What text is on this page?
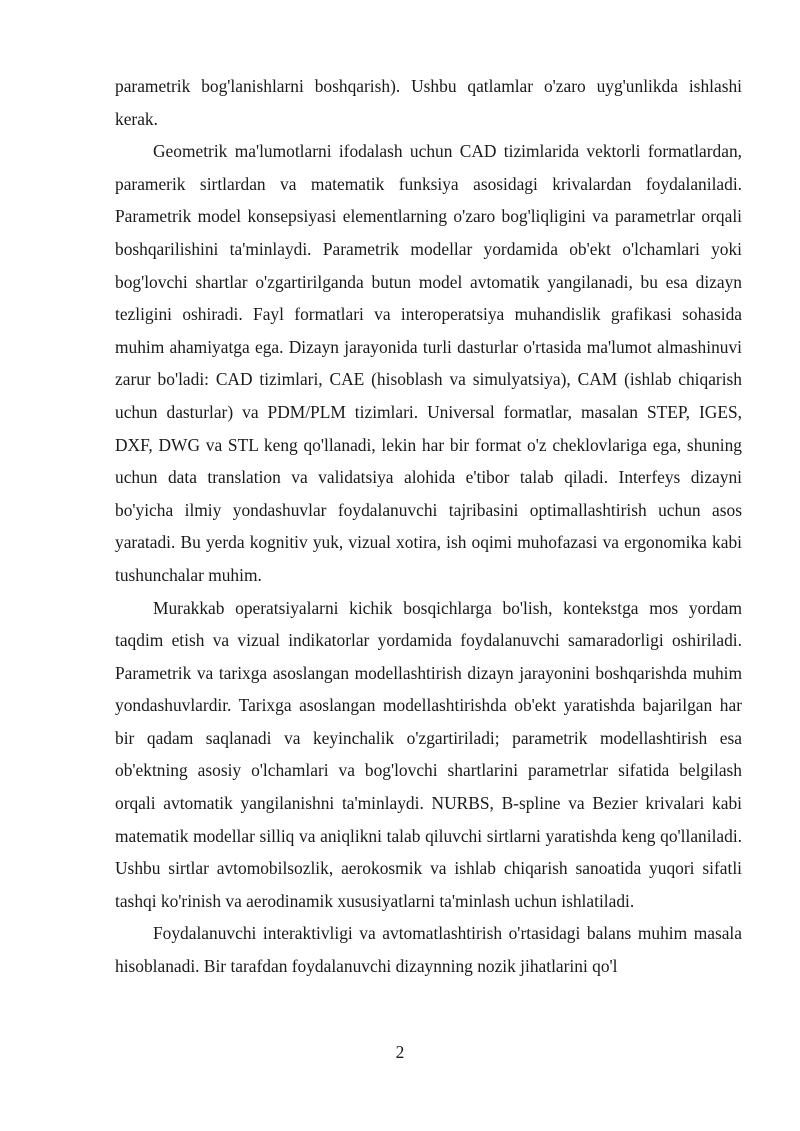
parametrik bog'lanishlarni boshqarish). Ushbu qatlamlar o'zaro uyg'unlikda ishlashi kerak.

Geometrik ma'lumotlarni ifodalash uchun CAD tizimlarida vektorli formatlardan, paramerik sirtlardan va matematik funksiya asosidagi krivalardan foydalaniladi. Parametrik model konsepsiyasi elementlarning o'zaro bog'liqligini va parametrlar orqali boshqarilishini ta'minlaydi. Parametrik modellar yordamida ob'ekt o'lchamlari yoki bog'lovchi shartlar o'zgartirilganda butun model avtomatik yangilanadi, bu esa dizayn tezligini oshiradi. Fayl formatlari va interoperatsiya muhandislik grafikasi sohasida muhim ahamiyatga ega. Dizayn jarayonida turli dasturlar o'rtasida ma'lumot almashinuvi zarur bo'ladi: CAD tizimlari, CAE (hisoblash va simulyatsiya), CAM (ishlab chiqarish uchun dasturlar) va PDM/PLM tizimlari. Universal formatlar, masalan STEP, IGES, DXF, DWG va STL keng qo'llanadi, lekin har bir format o'z cheklovlariga ega, shuning uchun data translation va validatsiya alohida e'tibor talab qiladi. Interfeys dizayni bo'yicha ilmiy yondashuvlar foydalanuvchi tajribasini optimallashtirish uchun asos yaratadi. Bu yerda kognitiv yuk, vizual xotira, ish oqimi muhofazasi va ergonomika kabi tushunchalar muhim.

Murakkab operatsiyalarni kichik bosqichlarga bo'lish, kontekstga mos yordam taqdim etish va vizual indikatorlar yordamida foydalanuvchi samaradorligi oshiriladi. Parametrik va tarixga asoslangan modellashtirish dizayn jarayonini boshqarishda muhim yondashuvlardir. Tarixga asoslangan modellashtirishda ob'ekt yaratishda bajarilgan har bir qadam saqlanadi va keyinchalik o'zgartiriladi; parametrik modellashtirish esa ob'ektning asosiy o'lchamlari va bog'lovchi shartlarini parametrlar sifatida belgilash orqali avtomatik yangilanishni ta'minlaydi. NURBS, B-spline va Bezier krivalari kabi matematik modellar silliq va aniqlikni talab qiluvchi sirtlarni yaratishda keng qo'llaniladi. Ushbu sirtlar avtomobilsozlik, aerokosmik va ishlab chiqarish sanoatida yuqori sifatli tashqi ko'rinish va aerodinamik xususiyatlarni ta'minlash uchun ishlatiladi.

Foydalanuvchi interaktivligi va avtomatlashtirish o'rtasidagi balans muhim masala hisoblanadi. Bir tarafdan foydalanuvchi dizaynning nozik jihatlarini qo'l

2
